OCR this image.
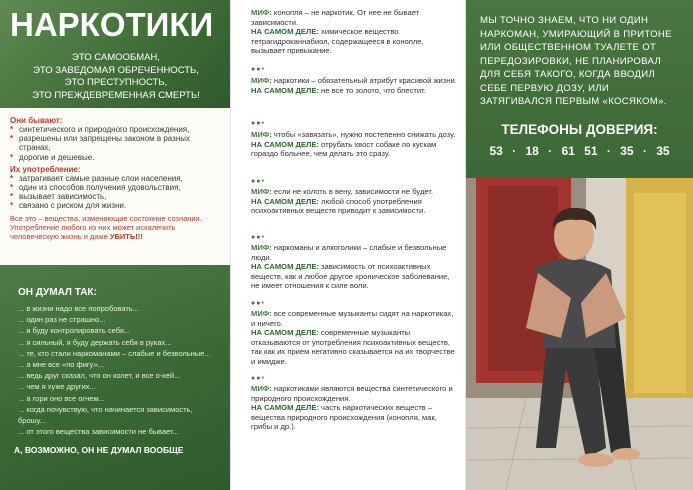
НАРКОТИКИ
ЭТО САМООБМАН,
ЭТО ЗАВЕДОМАЯ ОБРЕЧЕННОСТЬ,
ЭТО ПРЕСТУПНОСТЬ,
ЭТО ПРЕЖДЕВРЕМЕННАЯ СМЕРТЬ!
Они бывают:
* синтетического и природного происхождения,
* разрешены или запрещены законом в разных странах,
* дорогие и дешевые.
Их употребление:
* затрагивает самые разные слои населения,
* один из способов получения удовольствия,
* вызывает зависимость,
* связано с риском для жизни.
Все это – вещества, изменяющие состояние сознания. Употребление любого из них может искалечить человеческую жизнь и даже УБИТЬ!!!
ОН ДУМАЛ ТАК:
... в жизни надо все попробовать...
... один раз не страшно...
... я буду контролировать себя...
... я сильный, я буду держать себя в руках...
... те, кто стали наркоманами – слабые и безвольные...
... а мне все «по фигу»...
... ведь друг сказал, что он колет, и все о-кей...
... чем я хуже других...
... а гори оно все огнем...
... когда почувствую, что начинается зависимость, брошу...
... от этого вещества зависимости не бывает...
А, ВОЗМОЖНО, ОН НЕ ДУМАЛ ВООБЩЕ
МИФ: конопля – не наркотик, От нее не бывает зависимости.
НА САМОМ ДЕЛЕ: химическое вещество тетрагидроканнабиол, содержащееся в конопле, вызывает привыкание.
●●•
МИФ: наркотики – обязательный атрибут красивой жизни.
НА САМОМ ДЕЛЕ: не все то золото, что блестит.
●●•
МИФ: чтобы «завязать», нужно постепенно снижать дозу.
НА САМОМ ДЕЛЕ: отрубать хвост собаке по кускам гораздо больнее, чем делать это сразу.
●●•
МИФ: если не колоть в вену, зависимости не будет.
НА САМОМ ДЕЛЕ: любой способ употребления психоактивных веществ приводит к зависимости.
●●•
МИФ: наркоманы и алкоголики – слабые и безвольные люди.
НА САМОМ ДЕЛЕ: зависимость от психоактивных веществ, как и любое другое хроническое заболевание, не имеет отношения к силе воли.
●●•
МИФ: все современные музыканты сидят на наркотиках, и ничего.
НА САМОМ ДЕЛЕ: современные музыканты отказываются от употребления психоактивных веществ, так как их прием негативно сказывается на их творчестве и имидже.
●●•
МИФ: наркотиками являются вещества синтетического и природного происхождения.
НА САМОМ ДЕЛЕ: часть наркотических веществ – вещества природного происхождения (конопля, мак, грибы и др.).
МЫ ТОЧНО ЗНАЕМ, ЧТО НИ ОДИН НАРКОМАН, УМИРАЮЩИЙ В ПРИТОНЕ ИЛИ ОБЩЕСТВЕННОМ ТУАЛЕТЕ ОТ ПЕРЕДОЗИРОВКИ, НЕ ПЛАНИРОВАЛ ДЛЯ СЕБЯ ТАКОГО, КОГДА ВВОДИЛ СЕБЕ ПЕРВУЮ ДОЗУ, ИЛИ ЗАТЯГИВАЛСЯ ПЕРВЫМ «КОСЯКОМ».
ТЕЛЕФОНЫ ДОВЕРИЯ:
53 · 18 · 61 51 · 35 · 35
